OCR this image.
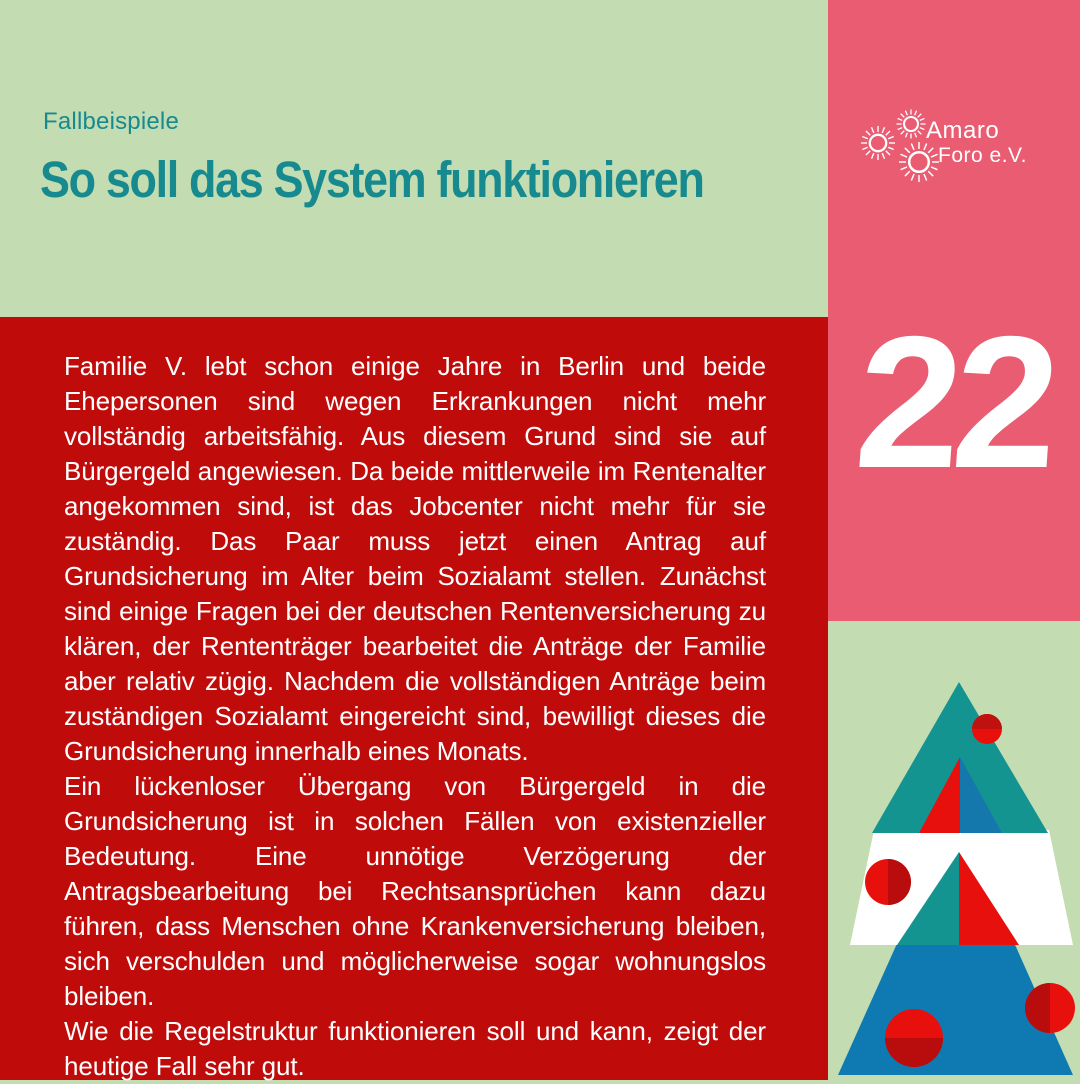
Fallbeispiele
So soll das System funktionieren
22

Familie V. lebt schon einige Jahre in Berlin und beide Ehepersonen sind wegen Erkrankungen nicht mehr vollständig arbeitsfähig. Aus diesem Grund sind sie auf Bürgergeld angewiesen. Da beide mittlerweile im Rentenalter angekommen sind, ist das Jobcenter nicht mehr für sie zuständig. Das Paar muss jetzt einen Antrag auf Grundsicherung im Alter beim Sozialamt stellen. Zunächst sind einige Fragen bei der deutschen Rentenversicherung zu klären, der Rententräger bearbeitet die Anträge der Familie aber relativ zügig. Nachdem die vollständigen Anträge beim zuständigen Sozialamt eingereicht sind, bewilligt dieses die Grundsicherung innerhalb eines Monats.

Ein lückenloser Übergang von Bürgergeld in die Grundsicherung ist in solchen Fällen von existenzieller Bedeutung. Eine unnötige Verzögerung der Antragsbearbeitung bei Rechtsansprüchen kann dazu führen, dass Menschen ohne Krankenversicherung bleiben, sich verschulden und möglicherweise sogar wohnungslos bleiben.

Wie die Regelstruktur funktionieren soll und kann, zeigt der heutige Fall sehr gut.

Amaro
Foro e.V.
